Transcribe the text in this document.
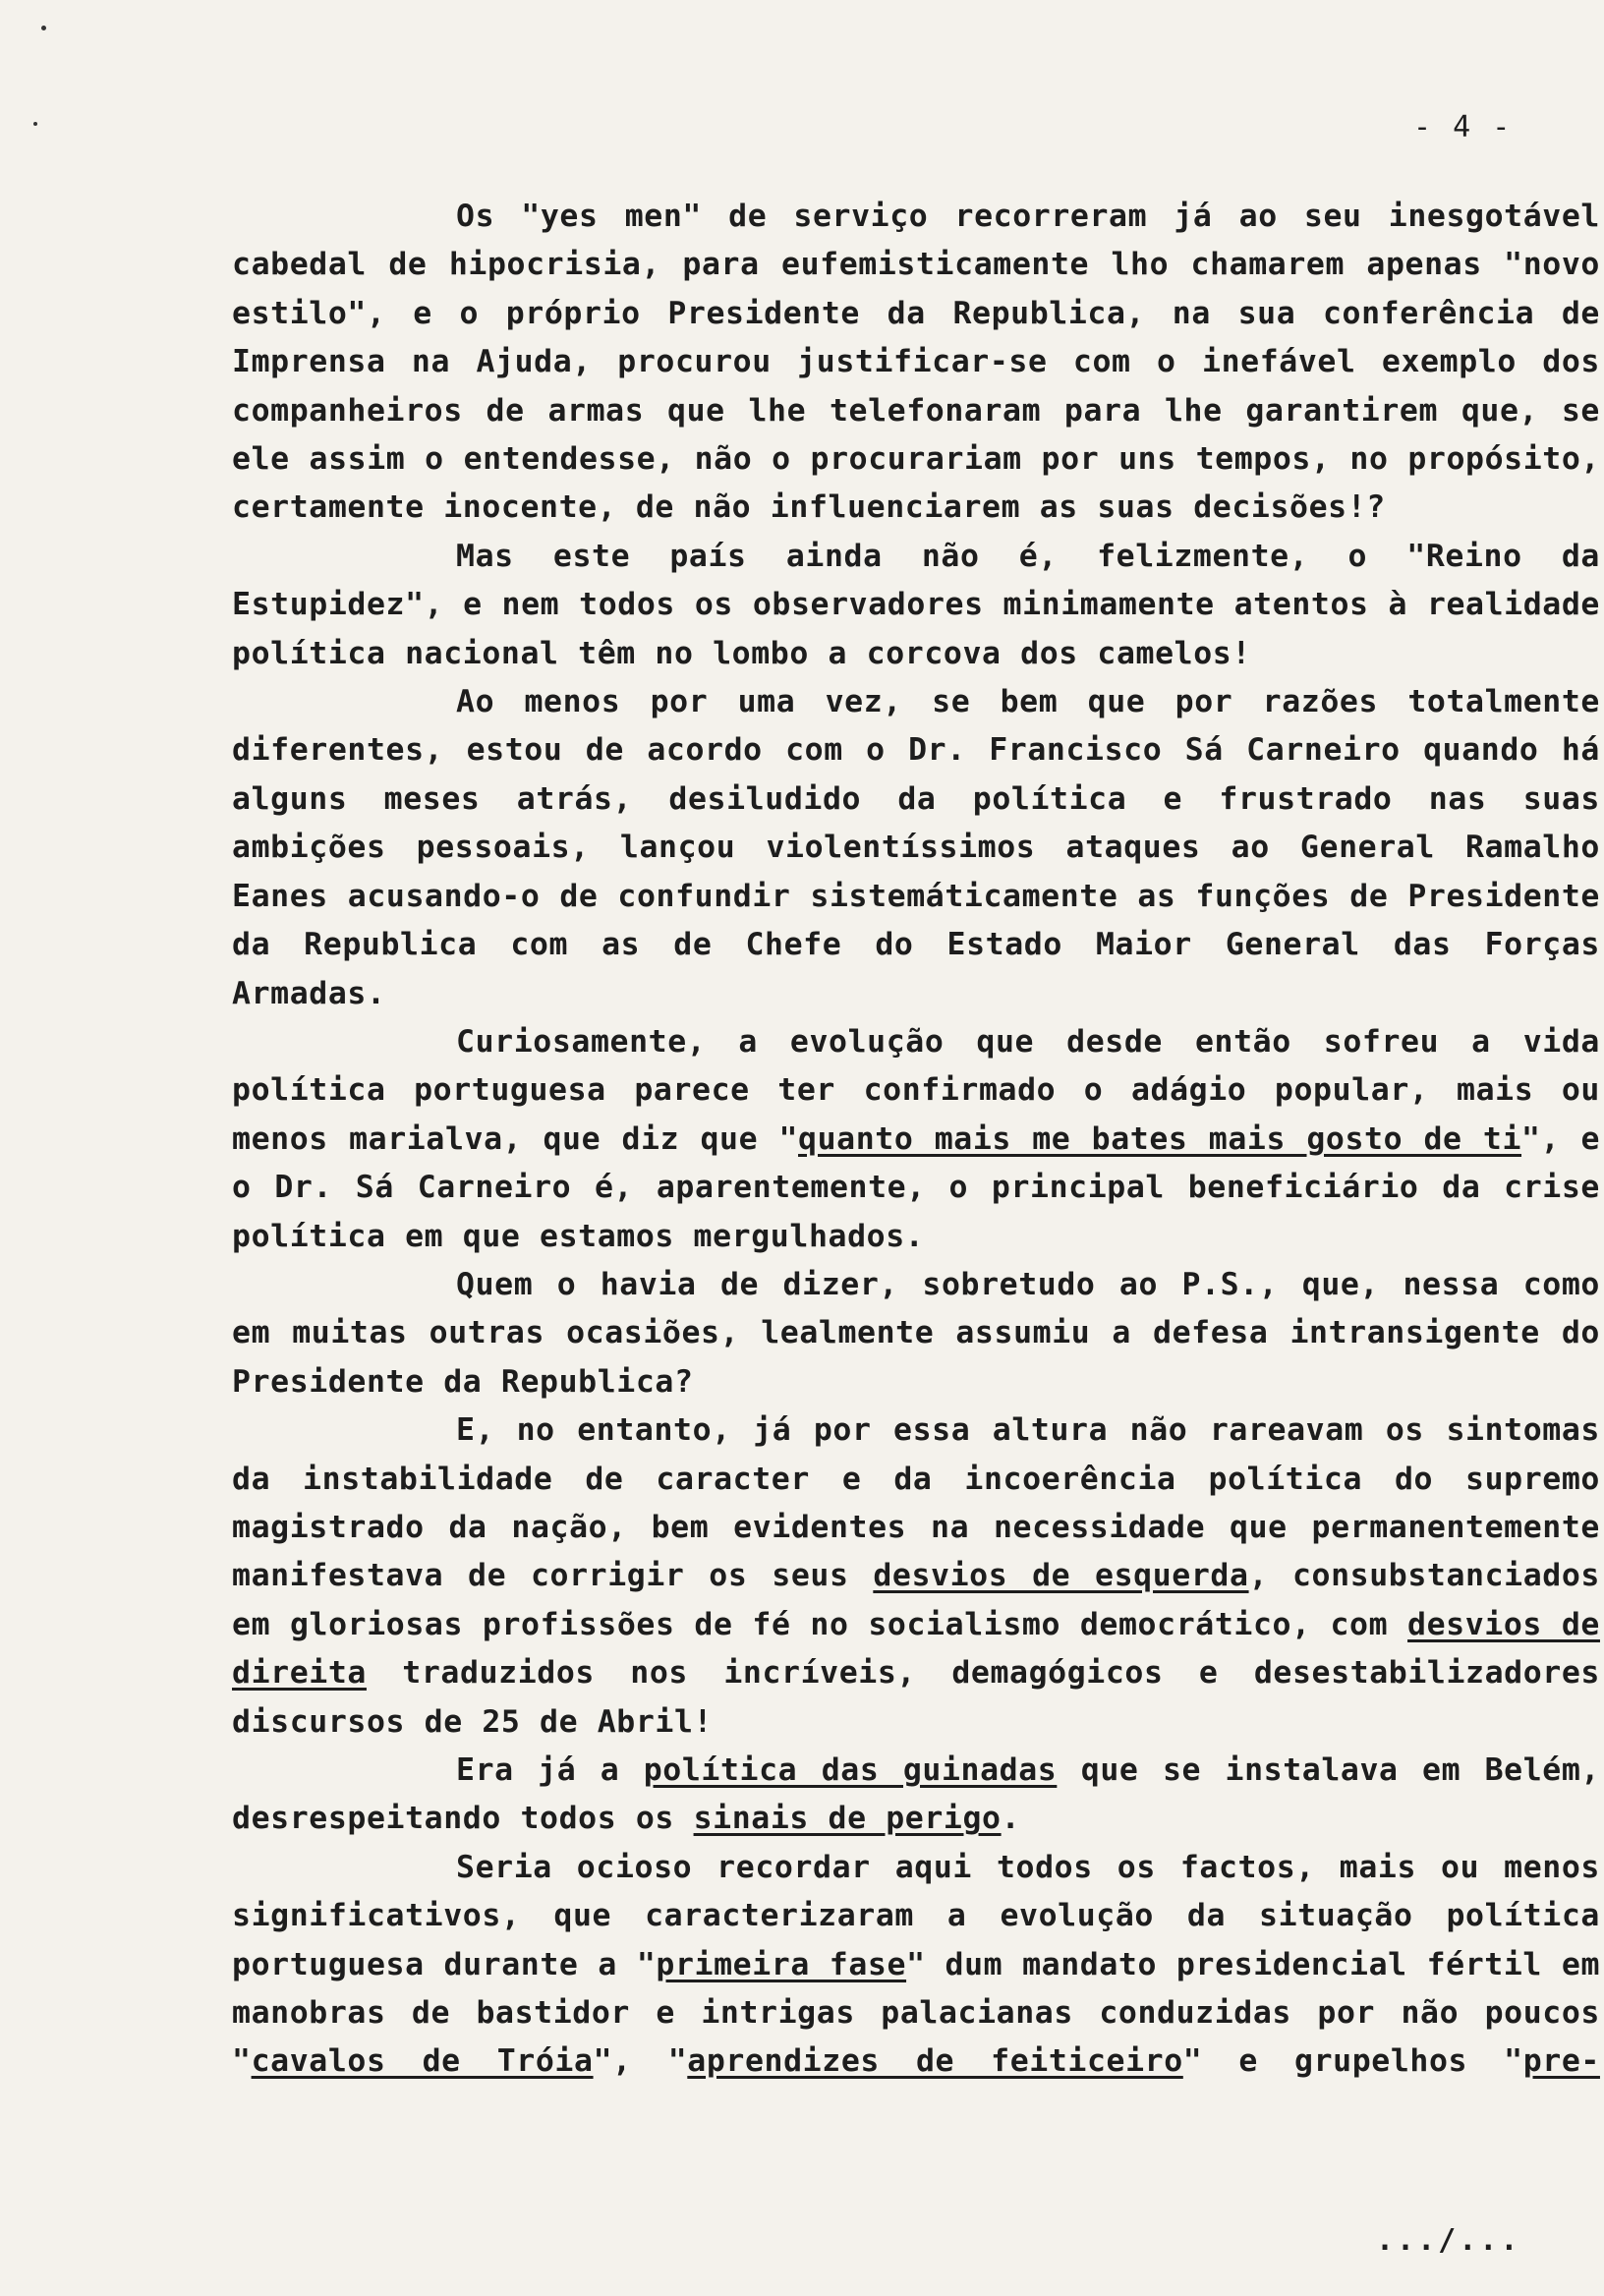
- 4 -

Os "yes men" de serviço recorreram já ao seu inesgotável cabedal de hipocrisia, para eufemisticamente lho chamarem apenas "novo estilo", e o próprio Presidente da Republica, na sua conferência de Imprensa na Ajuda, procurou justificar-se com o inefável exemplo dos companheiros de armas que lhe telefonaram para lhe garantirem que, se ele assim o entendesse, não o procurariam por uns tempos, no propósito, certamente inocente, de não influenciarem as suas decisões!?

Mas este país ainda não é, felizmente, o "Reino da Estupidez", e nem todos os observadores minimamente atentos à realidade política nacional têm no lombo a corcova dos camelos!

Ao menos por uma vez, se bem que por razões totalmente diferentes, estou de acordo com o Dr. Francisco Sá Carneiro quando há alguns meses atrás, desiludido da política e frustrado nas suas ambições pessoais, lançou violentíssimos ataques ao General Ramalho Eanes acusando-o de confundir sistemáticamente as funções de Presidente da Republica com as de Chefe do Estado Maior General das Forças Armadas.

Curiosamente, a evolução que desde então sofreu a vida política portuguesa parece ter confirmado o adágio popular, mais ou menos marialva, que diz que "quanto mais me bates mais gosto de ti", e o Dr. Sá Carneiro é, aparentemente, o principal beneficiário da crise política em que estamos mergulhados.

Quem o havia de dizer, sobretudo ao P.S., que, nessa como em muitas outras ocasiões, lealmente assumiu a defesa intransigente do Presidente da Republica?

E, no entanto, já por essa altura não rareavam os sintomas da instabilidade de caracter e da incoerência política do supremo magistrado da nação, bem evidentes na necessidade que permanentemente manifestava de corrigir os seus desvios de esquerda, consubstanciados em gloriosas profissões de fé no socialismo democrático, com desvios de direita traduzidos nos incríveis, demagógicos e desestabilizadores discursos de 25 de Abril!

Era já a política das guinadas que se instalava em Belém, desrespeitando todos os sinais de perigo.

Seria ocioso recordar aqui todos os factos, mais ou menos significativos, que caracterizaram a evolução da situação política portuguesa durante a "primeira fase" dum mandato presidencial fértil em manobras de bastidor e intrigas palacianas conduzidas por não poucos "cavalos de Tróia", "aprendizes de feiticeiro" e grupelhos "pre-

.../...
